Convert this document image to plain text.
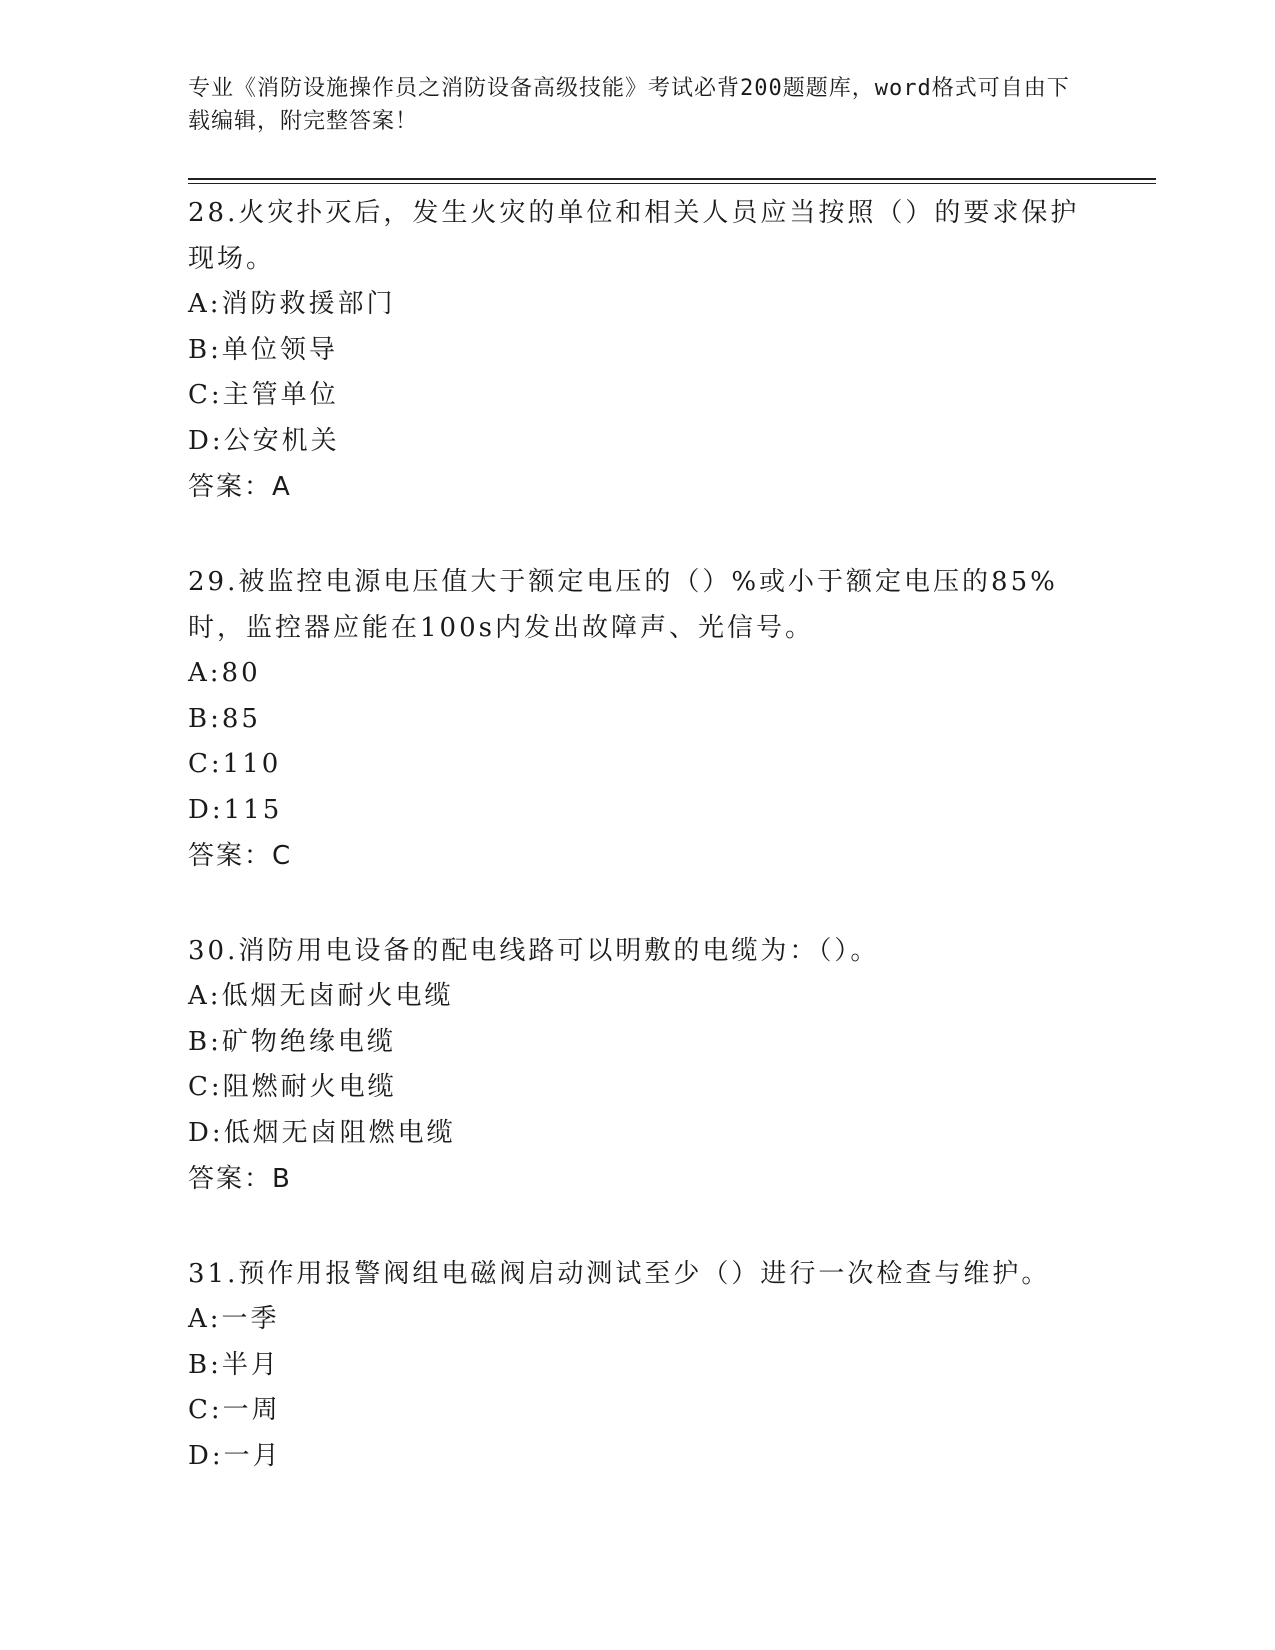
专业《消防设施操作员之消防设备高级技能》考试必背200题题库，word格式可自由下载编辑，附完整答案！

28.火灾扑灭后，发生火灾的单位和相关人员应当按照（）的要求保护现场。

A:消防救援部门

B:单位领导

C:主管单位

D:公安机关

答案：A

29.被监控电源电压值大于额定电压的（）%或小于额定电压的85%时，监控器应能在100s内发出故障声、光信号。

A:80

B:85

C:110

D:115

答案：C

30.消防用电设备的配电线路可以明敷的电缆为：（）。

A:低烟无卤耐火电缆

B:矿物绝缘电缆

C:阻燃耐火电缆

D:低烟无卤阻燃电缆

答案：B

31.预作用报警阀组电磁阀启动测试至少（）进行一次检查与维护。

A:一季

B:半月

C:一周

D:一月
